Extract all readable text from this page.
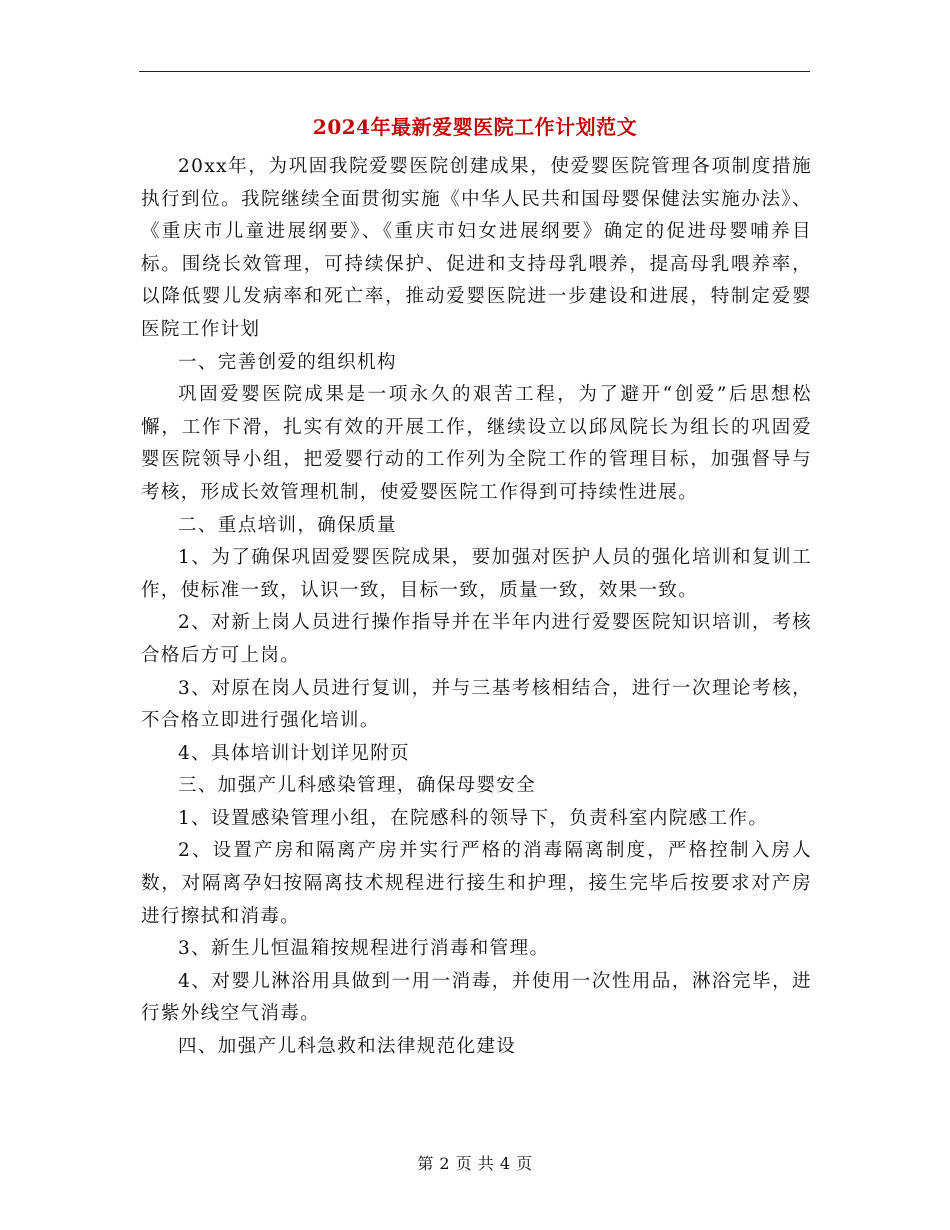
2024年最新爱婴医院工作计划范文

20xx年，为巩固我院爱婴医院创建成果，使爱婴医院管理各项制度措施执行到位。我院继续全面贯彻实施《中华人民共和国母婴保健法实施办法》、《重庆市儿童进展纲要》、《重庆市妇女进展纲要》确定的促进母婴哺养目标。围绕长效管理，可持续保护、促进和支持母乳喂养，提高母乳喂养率，以降低婴儿发病率和死亡率，推动爱婴医院进一步建设和进展，特制定爱婴医院工作计划

一、完善创爱的组织机构

巩固爱婴医院成果是一项永久的艰苦工程，为了避开“创爱”后思想松懈，工作下滑，扎实有效的开展工作，继续设立以邱凤院长为组长的巩固爱婴医院领导小组，把爱婴行动的工作列为全院工作的管理目标，加强督导与考核，形成长效管理机制，使爱婴医院工作得到可持续性进展。

二、重点培训，确保质量

1、为了确保巩固爱婴医院成果，要加强对医护人员的强化培训和复训工作，使标准一致，认识一致，目标一致，质量一致，效果一致。

2、对新上岗人员进行操作指导并在半年内进行爱婴医院知识培训，考核合格后方可上岗。

3、对原在岗人员进行复训，并与三基考核相结合，进行一次理论考核，不合格立即进行强化培训。

4、具体培训计划详见附页

三、加强产儿科感染管理，确保母婴安全

1、设置感染管理小组，在院感科的领导下，负责科室内院感工作。

2、设置产房和隔离产房并实行严格的消毒隔离制度，严格控制入房人数，对隔离孕妇按隔离技术规程进行接生和护理，接生完毕后按要求对产房进行擦拭和消毒。

3、新生儿恒温箱按规程进行消毒和管理。

4、对婴儿淋浴用具做到一用一消毒，并使用一次性用品，淋浴完毕，进行紫外线空气消毒。

四、加强产儿科急救和法律规范化建设

第 2 页 共 4 页
